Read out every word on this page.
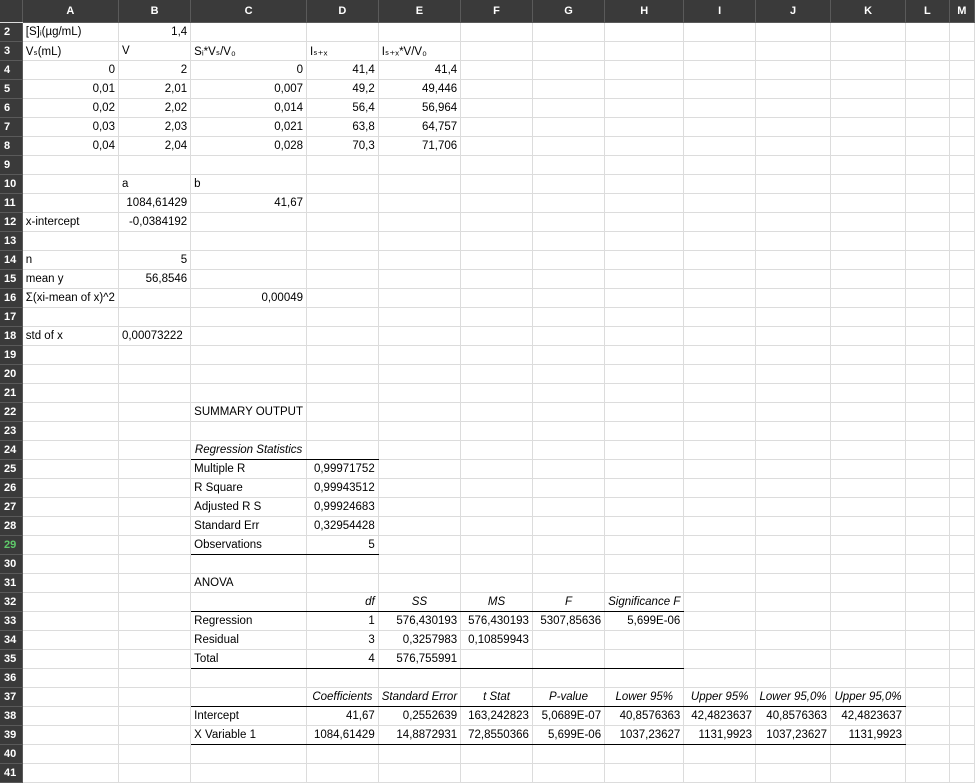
	A	B	C	D	E	F	G	H	I	J	K	L	M
2	[S]ᵢ(µg/mL)	1,4											
3	Vₛ(mL)	V	Sᵢ*Vₛ/V₀	Iₛ₊ₓ	Iₛ₊ₓ*V/V₀								
4	0	2	0	41,4	41,4								
5	0,01	2,01	0,007	49,2	49,446								
6	0,02	2,02	0,014	56,4	56,964								
7	0,03	2,03	0,021	63,8	64,757								
8	0,04	2,04	0,028	70,3	71,706								
9													
10		a	b										
11		1084,61429	41,67										
12	x-intercept	-0,0384192											
13													
14	n	5											
15	mean y	56,8546											
16	Σ(xi-mean of x)^2		0,00049										
17													
18	std of x	0,00073222											
19													
20													
21													
22			SUMMARY OUTPUT										
23													
24			Regression Statistics										
25			Multiple R	0,99971752									
26			R Square	0,99943512									
27			Adjusted R S	0,99924683									
28			Standard Err	0,32954428									
29			Observations	5									
30													
31			ANOVA										
32				df	SS	MS	F	Significance F					
33			Regression	1	576,430193	576,430193	5307,85636	5,699E-06					
34			Residual	3	0,3257983	0,10859943							
35			Total	4	576,755991								
36													
37				Coefficients	Standard Error	t Stat	P-value	Lower 95%	Upper 95%	Lower 95,0%	Upper 95,0%		
38			Intercept	41,67	0,2552639	163,242823	5,0689E-07	40,8576363	42,4823637	40,8576363	42,4823637		
39			X Variable 1	1084,61429	14,8872931	72,8550366	5,699E-06	1037,23627	1131,9923	1037,23627	1131,9923		
40													
41													
